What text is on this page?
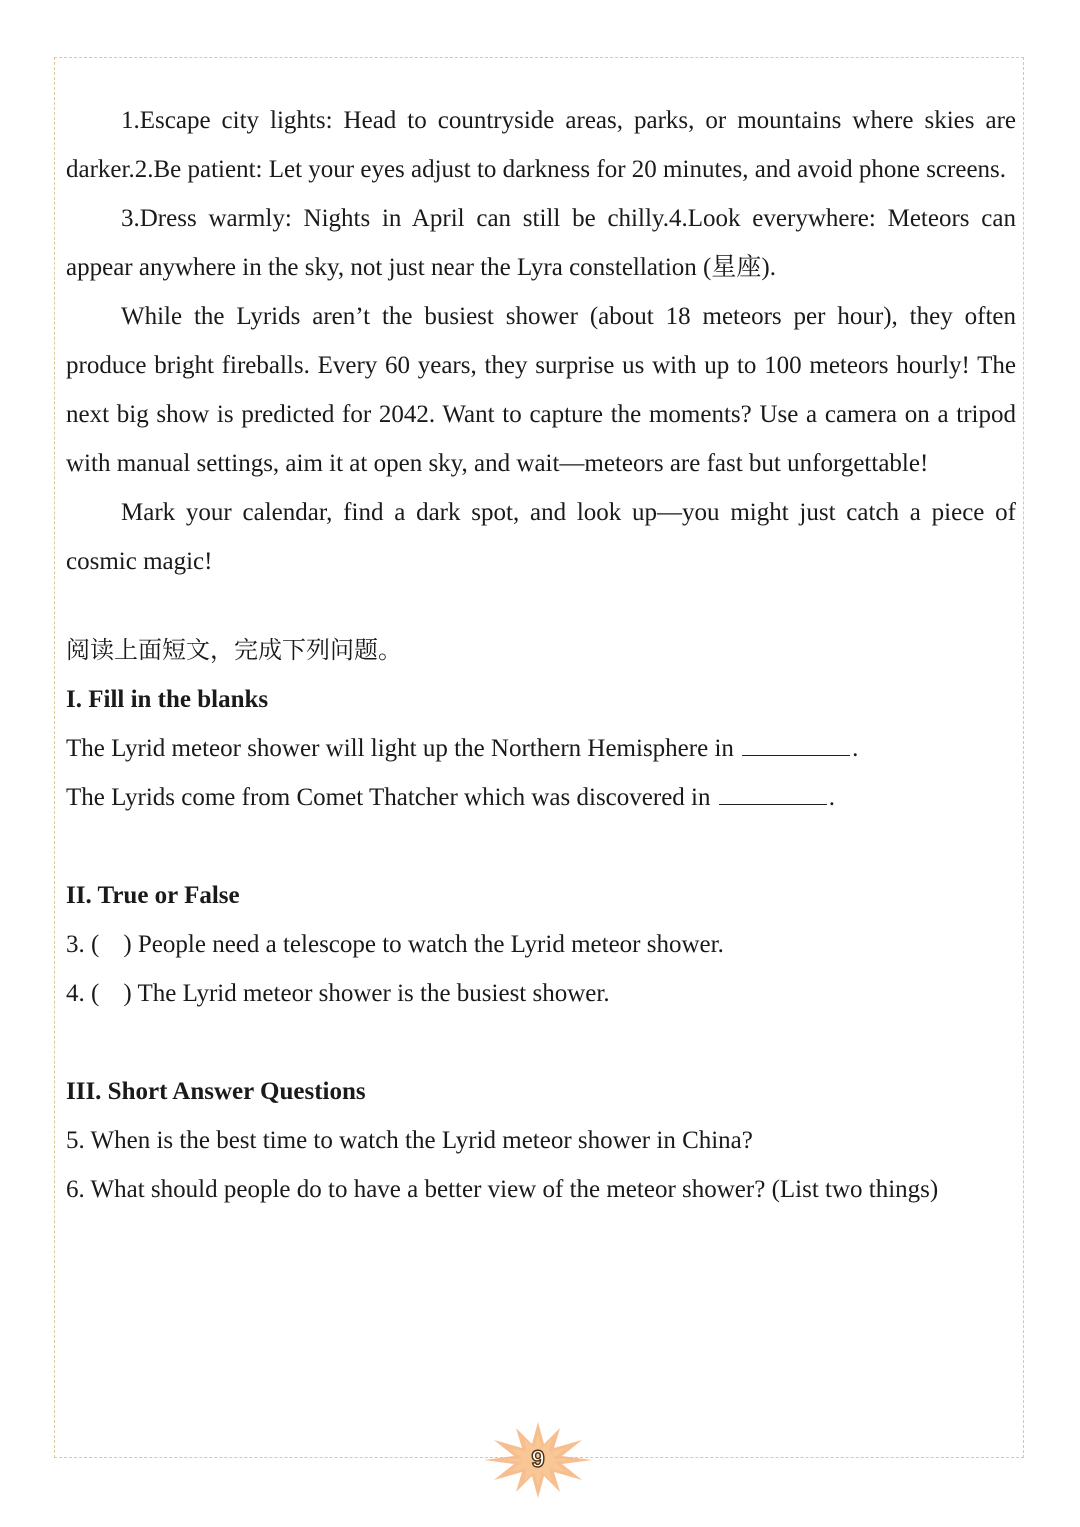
1.Escape city lights: Head to countryside areas, parks, or mountains where skies are darker.2.Be patient: Let your eyes adjust to darkness for 20 minutes, and avoid phone screens.

3.Dress warmly: Nights in April can still be chilly.4.Look everywhere: Meteors can appear anywhere in the sky, not just near the Lyra constellation (星座).

While the Lyrids aren’t the busiest shower (about 18 meteors per hour), they often produce bright fireballs. Every 60 years, they surprise us with up to 100 meteors hourly! The next big show is predicted for 2042. Want to capture the moments? Use a camera on a tripod with manual settings, aim it at open sky, and wait—meteors are fast but unforgettable!

Mark your calendar, find a dark spot, and look up—you might just catch a piece of cosmic magic!

阅读上面短文，完成下列问题。

I. Fill in the blanks

The Lyrid meteor shower will light up the Northern Hemisphere in	.

The Lyrids come from Comet Thatcher which was discovered in	.

II. True or False

3. ( ) People need a telescope to watch the Lyrid meteor shower.

4. ( ) The Lyrid meteor shower is the busiest shower.

III. Short Answer Questions

5. When is the best time to watch the Lyrid meteor shower in China?

6. What should people do to have a better view of the meteor shower? (List two things)

9
